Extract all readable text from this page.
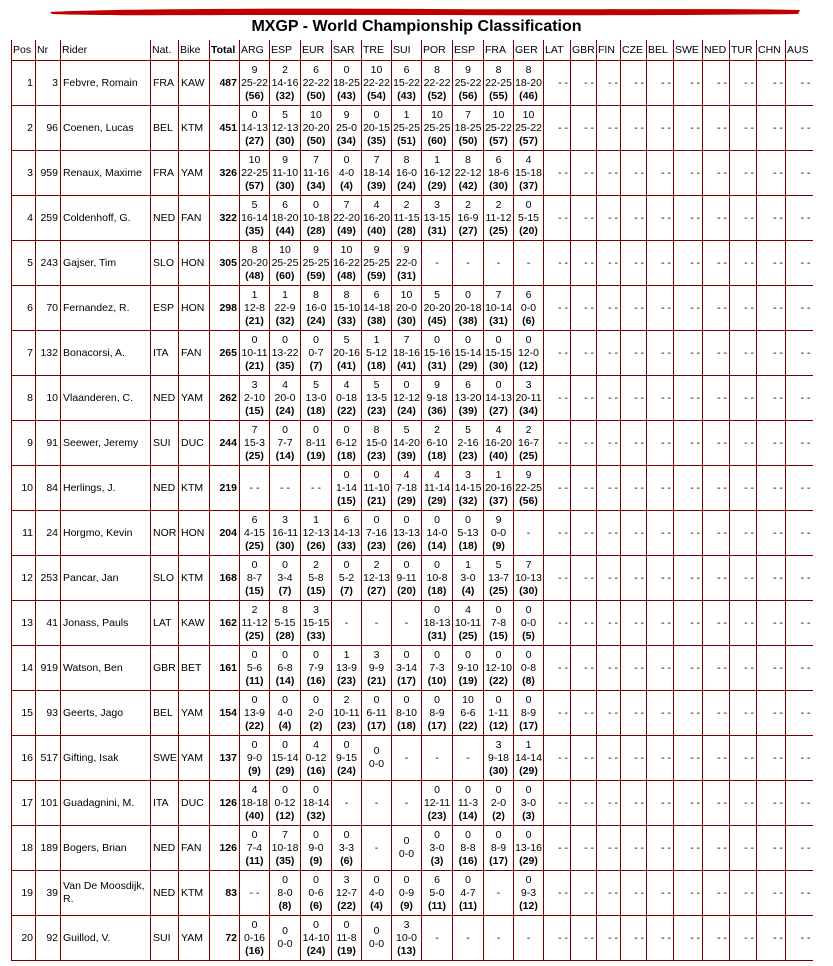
MXGP - World Championship Classification
Pos	Nr	Rider	Nat.	Bike	Total	ARG	ESP	EUR	SAR	TRE	SUI	POR	ESP	FRA	GER	LAT	GBR	FIN	CZE	BEL	SWE	NED	TUR	CHN	AUS
1	3	Febvre, Romain	FRA	KAW	487	9
25-22
(56)	2
14-16
(32)	6
22-22
(50)	0
18-25
(43)	10
22-22
(54)	6
15-22
(43)	8
22-22
(52)	9
25-22
(56)	8
22-25
(55)	8
18-20
(46)	- -	- -	- -	- -	- -	- -	- -	- -	- -	- -
2	96	Coenen, Lucas	BEL	KTM	451	0
14-13
(27)	5
12-13
(30)	10
20-20
(50)	9
25-0
(34)	0
20-15
(35)	1
25-25
(51)	10
25-25
(60)	7
18-25
(50)	10
25-22
(57)	10
25-22
(57)	- -	- -	- -	- -	- -	- -	- -	- -	- -	- -
3	959	Renaux, Maxime	FRA	YAM	326	10
22-25
(57)	9
11-10
(30)	7
11-16
(34)	0
4-0
(4)	7
18-14
(39)	8
16-0
(24)	1
16-12
(29)	8
22-12
(42)	6
18-6
(30)	4
15-18
(37)	- -	- -	- -	- -	- -	- -	- -	- -	- -	- -
4	259	Coldenhoff, G.	NED	FAN	322	5
16-14
(35)	6
18-20
(44)	0
10-18
(28)	7
22-20
(49)	4
16-20
(40)	2
11-15
(28)	3
13-15
(31)	2
16-9
(27)	2
11-12
(25)	0
5-15
(20)	- -	- -	- -	- -	- -	- -	- -	- -	- -	- -
5	243	Gajser, Tim	SLO	HON	305	8
20-20
(48)	10
25-25
(60)	9
25-25
(59)	10
16-22
(48)	9
25-25
(59)	9
22-0
(31)	-	-	-	-	- -	- -	- -	- -	- -	- -	- -	- -	- -	- -
6	70	Fernandez, R.	ESP	HON	298	1
12-8
(21)	1
22-9
(32)	8
16-0
(24)	8
15-10
(33)	6
14-18
(38)	10
20-0
(30)	5
20-20
(45)	0
20-18
(38)	7
10-14
(31)	6
0-0
(6)	- -	- -	- -	- -	- -	- -	- -	- -	- -	- -
7	132	Bonacorsi, A.	ITA	FAN	265	0
10-11
(21)	0
13-22
(35)	0
0-7
(7)	5
20-16
(41)	1
5-12
(18)	7
18-16
(41)	0
15-16
(31)	0
15-14
(29)	0
15-15
(30)	0
12-0
(12)	- -	- -	- -	- -	- -	- -	- -	- -	- -	- -
8	10	Vlaanderen, C.	NED	YAM	262	3
2-10
(15)	4
20-0
(24)	5
13-0
(18)	4
0-18
(22)	5
13-5
(23)	0
12-12
(24)	9
9-18
(36)	6
13-20
(39)	0
14-13
(27)	3
20-11
(34)	- -	- -	- -	- -	- -	- -	- -	- -	- -	- -
9	91	Seewer, Jeremy	SUI	DUC	244	7
15-3
(25)	0
7-7
(14)	0
8-11
(19)	0
6-12
(18)	8
15-0
(23)	5
14-20
(39)	2
6-10
(18)	5
2-16
(23)	4
16-20
(40)	2
16-7
(25)	- -	- -	- -	- -	- -	- -	- -	- -	- -	- -
10	84	Herlings, J.	NED	KTM	219	- -	- -	- -	0
1-14
(15)	0
11-10
(21)	4
7-18
(29)	4
11-14
(29)	3
14-15
(32)	1
20-16
(37)	9
22-25
(56)	- -	- -	- -	- -	- -	- -	- -	- -	- -	- -
11	24	Horgmo, Kevin	NOR	HON	204	6
4-15
(25)	3
16-11
(30)	1
12-13
(26)	6
14-13
(33)	0
7-16
(23)	0
13-13
(26)	0
14-0
(14)	0
5-13
(18)	9
0-0
(9)	-	- -	- -	- -	- -	- -	- -	- -	- -	- -	- -
12	253	Pancar, Jan	SLO	KTM	168	0
8-7
(15)	0
3-4
(7)	2
5-8
(15)	0
5-2
(7)	2
12-13
(27)	0
9-11
(20)	0
10-8
(18)	1
3-0
(4)	5
13-7
(25)	7
10-13
(30)	- -	- -	- -	- -	- -	- -	- -	- -	- -	- -
13	41	Jonass, Pauls	LAT	KAW	162	2
11-12
(25)	8
5-15
(28)	3
15-15
(33)	-	-	-	0
18-13
(31)	4
10-11
(25)	0
7-8
(15)	0
0-0
(5)	- -	- -	- -	- -	- -	- -	- -	- -	- -	- -
14	919	Watson, Ben	GBR	BET	161	0
5-6
(11)	0
6-8
(14)	0
7-9
(16)	1
13-9
(23)	3
9-9
(21)	0
3-14
(17)	0
7-3
(10)	0
9-10
(19)	0
12-10
(22)	0
0-8
(8)	- -	- -	- -	- -	- -	- -	- -	- -	- -	- -
15	93	Geerts, Jago	BEL	YAM	154	0
13-9
(22)	0
4-0
(4)	0
2-0
(2)	2
10-11
(23)	0
6-11
(17)	0
8-10
(18)	0
8-9
(17)	10
6-6
(22)	0
1-11
(12)	0
8-9
(17)	- -	- -	- -	- -	- -	- -	- -	- -	- -	- -
16	517	Gifting, Isak	SWE	YAM	137	0
9-0
(9)	0
15-14
(29)	4
0-12
(16)	0
9-15
(24)	0
0-0	-	-	-	3
9-18
(30)	1
14-14
(29)	- -	- -	- -	- -	- -	- -	- -	- -	- -	- -
17	101	Guadagnini, M.	ITA	DUC	126	4
18-18
(40)	0
0-12
(12)	0
18-14
(32)	-	-	-	0
12-11
(23)	0
11-3
(14)	0
2-0
(2)	0
3-0
(3)	- -	- -	- -	- -	- -	- -	- -	- -	- -	- -
18	189	Bogers, Brian	NED	FAN	126	0
7-4
(11)	7
10-18
(35)	0
9-0
(9)	0
3-3
(6)	-	0
0-0	0
3-0
(3)	0
8-8
(16)	0
8-9
(17)	0
13-16
(29)	- -	- -	- -	- -	- -	- -	- -	- -	- -	- -
19	39	Van De Moosdijk, R.	NED	KTM	83	- -	0
8-0
(8)	0
0-6
(6)	3
12-7
(22)	0
4-0
(4)	0
0-9
(9)	6
5-0
(11)	0
4-7
(11)	-	0
9-3
(12)	- -	- -	- -	- -	- -	- -	- -	- -	- -	- -
20	92	Guillod, V.	SUI	YAM	72	0
0-16
(16)	0
0-0	0
14-10
(24)	0
11-8
(19)	0
0-0	3
10-0
(13)	-	-	-	-	- -	- -	- -	- -	- -	- -	- -	- -	- -	- -
